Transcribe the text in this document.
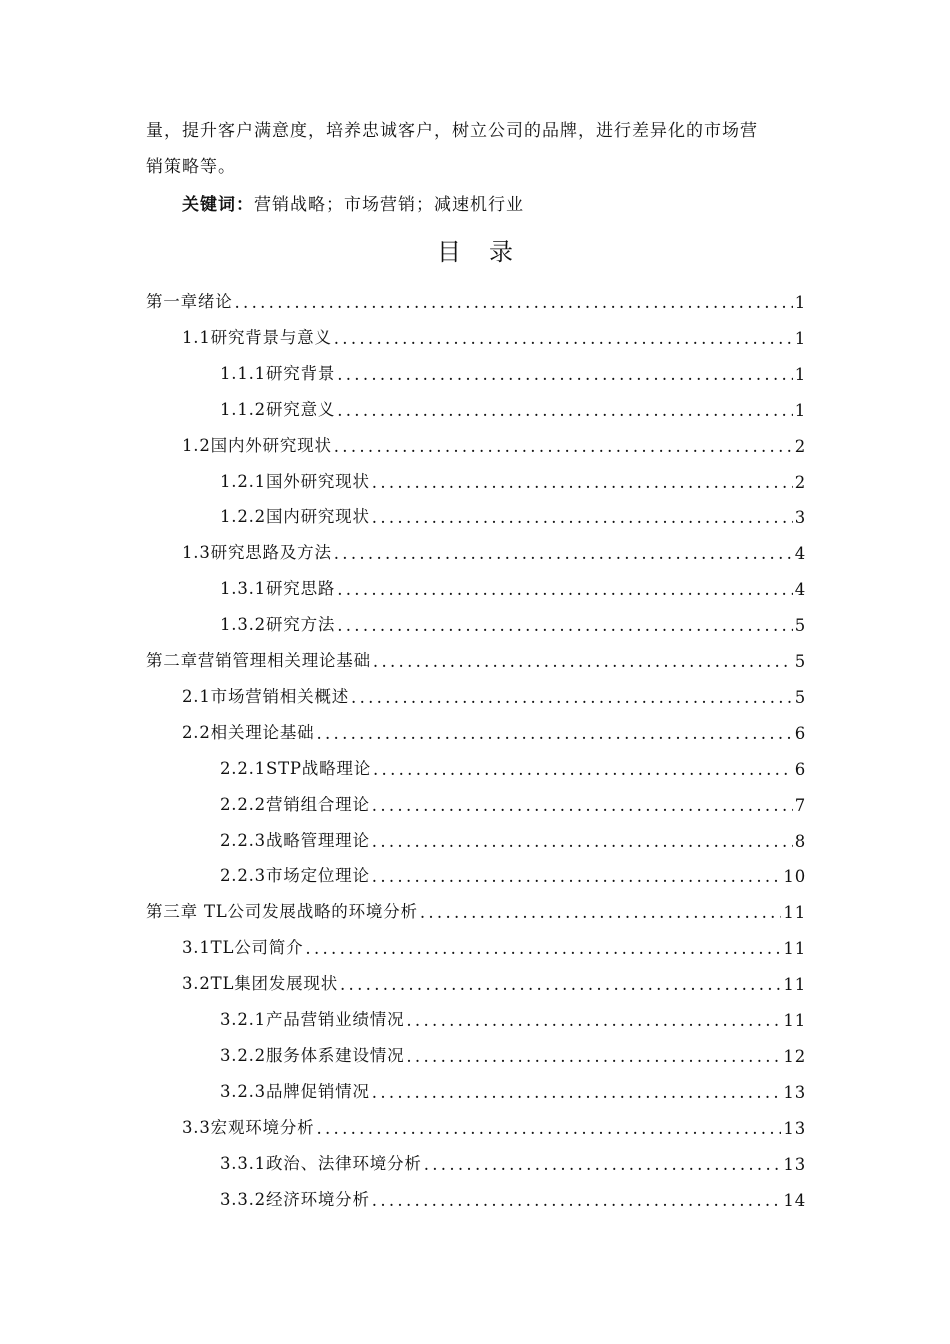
量，提升客户满意度，培养忠诚客户，树立公司的品牌，进行差异化的市场营
销策略等。
关键词：营销战略；市场营销；减速机行业
目录
第一章绪论 .....	1
1.1研究背景与意义 .....	1
1.1.1研究背景 .....	1
1.1.2研究意义 .....	1
1.2国内外研究现状 .....	2
1.2.1国外研究现状 .....	2
1.2.2国内研究现状 .....	3
1.3研究思路及方法 .....	4
1.3.1研究思路 .....	4
1.3.2研究方法 .....	5
第二章营销管理相关理论基础 .....	5
2.1市场营销相关概述 .....	5
2.2相关理论基础 .....	6
2.2.1STP战略理论 .....	6
2.2.2营销组合理论 .....	7
2.2.3战略管理理论 .....	8
2.2.3市场定位理论 .....	10
第三章 TL公司发展战略的环境分析 .....	11
3.1TL公司简介 .....	11
3.2TL集团发展现状 .....	11
3.2.1产品营销业绩情况 .....	11
3.2.2服务体系建设情况 .....	12
3.2.3品牌促销情况 .....	13
3.3宏观环境分析 .....	13
3.3.1政治、法律环境分析 .....	13
3.3.2经济环境分析 .....	14
